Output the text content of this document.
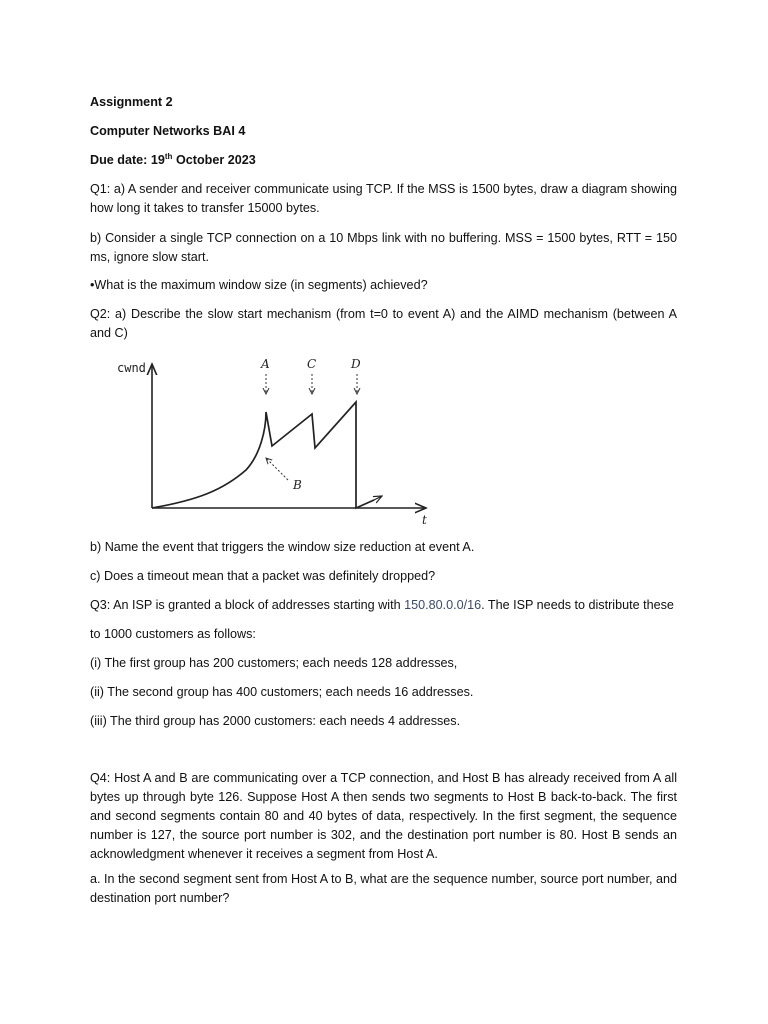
Assignment 2

Computer Networks BAI 4

Due date: 19th October 2023

Q1: a) A sender and receiver communicate using TCP. If the MSS is 1500 bytes, draw a diagram showing how long it takes to transfer 15000 bytes.

b) Consider a single TCP connection on a 10 Mbps link with no buffering. MSS = 1500 bytes, RTT = 150 ms, ignore slow start.

•What is the maximum window size (in segments) achieved?

Q2: a) Describe the slow start mechanism (from t=0 to event A) and the AIMD mechanism (between A and C)

cwnd
t
A	C	D
B

b) Name the event that triggers the window size reduction at event A.

c) Does a timeout mean that a packet was definitely dropped?

Q3: An ISP is granted a block of addresses starting with 150.80.0.0/16. The ISP needs to distribute these

to 1000 customers as follows:

(i) The first group has 200 customers; each needs 128 addresses,

(ii) The second group has 400 customers; each needs 16 addresses.

(iii) The third group has 2000 customers: each needs 4 addresses.

Q4: Host A and B are communicating over a TCP connection, and Host B has already received from A all bytes up through byte 126. Suppose Host A then sends two segments to Host B back-to-back. The first and second segments contain 80 and 40 bytes of data, respectively. In the first segment, the sequence number is 127, the source port number is 302, and the destination port number is 80. Host B sends an acknowledgment whenever it receives a segment from Host A.

a. In the second segment sent from Host A to B, what are the sequence number, source port number, and destination port number?
